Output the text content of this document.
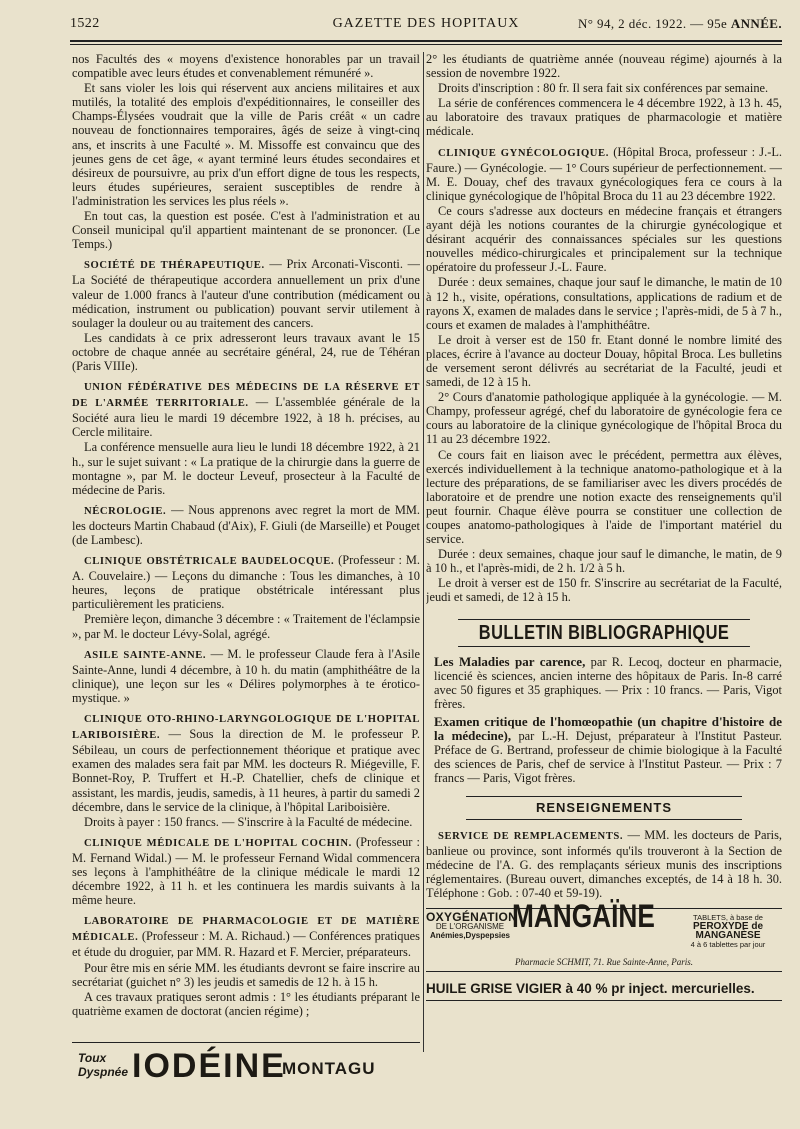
1522	GAZETTE DES HOPITAUX	N° 94, 2 déc. 1922. — 95e ANNÉE.

nos Facultés des « moyens d'existence honorables par un travail compatible avec leurs études et convenablement rémunéré ».

Et sans violer les lois qui réservent aux anciens militaires et aux mutilés, la totalité des emplois d'expéditionnaires, le conseiller des Champs-Élysées voudrait que la ville de Paris créât « un cadre nouveau de fonctionnaires temporaires, âgés de seize à vingt-cinq ans, et inscrits à une Faculté ». M. Missoffe est convaincu que des jeunes gens de cet âge, « ayant terminé leurs études secondaires et désireux de poursuivre, au prix d'un effort digne de tous les respects, leurs études supérieures, seraient susceptibles de rendre à l'administration les services les plus réels ».

En tout cas, la question est posée. C'est à l'administration et au Conseil municipal qu'il appartient maintenant de se prononcer. (Le Temps.)

SOCIÉTÉ DE THÉRAPEUTIQUE. — Prix Arconati-Visconti. — La Société de thérapeutique accordera annuellement un prix d'une valeur de 1.000 francs à l'auteur d'une contribution (médicament ou médication, instrument ou publication) pouvant servir utilement à soulager la douleur ou au traitement des cancers.

Les candidats à ce prix adresseront leurs travaux avant le 15 octobre de chaque année au secrétaire général, 24, rue de Téhéran (Paris VIIIe).

UNION FÉDÉRATIVE DES MÉDECINS DE LA RÉSERVE ET DE L'ARMÉE TERRITORIALE. — L'assemblée générale de la Société aura lieu le mardi 19 décembre 1922, à 18 h. précises, au Cercle militaire.

La conférence mensuelle aura lieu le lundi 18 décembre 1922, à 21 h., sur le sujet suivant : « La pratique de la chirurgie dans la guerre de montagne », par M. le docteur Leveuf, prosecteur à la Faculté de médecine de Paris.

NÉCROLOGIE. — Nous apprenons avec regret la mort de MM. les docteurs Martin Chabaud (d'Aix), F. Giuli (de Marseille) et Pouget (de Lambesc).

CLINIQUE OBSTÉTRICALE BAUDELOCQUE. (Professeur : M. A. Couvelaire.) — Leçons du dimanche : Tous les dimanches, à 10 heures, leçons de pratique obstétricale intéressant plus particulièrement les praticiens.

Première leçon, dimanche 3 décembre : « Traitement de l'éclampsie », par M. le docteur Lévy-Solal, agrégé.

ASILE SAINTE-ANNE. — M. le professeur Claude fera à l'Asile Sainte-Anne, lundi 4 décembre, à 10 h. du matin (amphithéâtre de la clinique), une leçon sur les « Délires polymorphes à te érotico-mystique. »

CLINIQUE OTO-RHINO-LARYNGOLOGIQUE DE L'HOPITAL LARIBOISIÈRE. — Sous la direction de M. le professeur P. Sébileau, un cours de perfectionnement théorique et pratique avec examen des malades sera fait par MM. les docteurs R. Miégeville, F. Bonnet-Roy, P. Truffert et H.-P. Chatellier, chefs de clinique et assistant, les mardis, jeudis, samedis, à 11 heures, à partir du samedi 2 décembre, dans le service de la clinique, à l'hôpital Lariboisière.

Droits à payer : 150 francs. — S'inscrire à la Faculté de médecine.

CLINIQUE MÉDICALE DE L'HOPITAL COCHIN. (Professeur : M. Fernand Widal.) — M. le professeur Fernand Widal commencera ses leçons à l'amphithéâtre de la clinique médicale le mardi 12 décembre 1922, à 11 h. et les continuera les mardis suivants à la même heure.

LABORATOIRE DE PHARMACOLOGIE ET DE MATIÈRE MÉDICALE. (Professeur : M. A. Richaud.) — Conférences pratiques et étude du droguier, par MM. R. Hazard et F. Mercier, préparateurs.

Pour être mis en série MM. les étudiants devront se faire inscrire au secrétariat (guichet n° 3) les jeudis et samedis de 12 h. à 15 h.

A ces travaux pratiques seront admis : 1° les étudiants préparant le quatrième examen de doctorat (ancien régime) ;

Toux
Dyspnée IODÉINE
MONTAGU

2° les étudiants de quatrième année (nouveau régime) ajournés à la session de novembre 1922.

Droits d'inscription : 80 fr. Il sera fait six conférences par semaine.

La série de conférences commencera le 4 décembre 1922, à 13 h. 45, au laboratoire des travaux pratiques de pharmacologie et matière médicale.

CLINIQUE GYNÉCOLOGIQUE. (Hôpital Broca, professeur : J.-L. Faure.) — Gynécologie. — 1° Cours supérieur de perfectionnement. — M. E. Douay, chef des travaux gynécologiques fera ce cours à la clinique gynécologique de l'hôpital Broca du 11 au 23 décembre 1922.

Ce cours s'adresse aux docteurs en médecine français et étrangers ayant déjà les notions courantes de la chirurgie gynécologique et désirant acquérir des connaissances spéciales sur les questions nouvelles médico-chirurgicales et principalement sur la technique opératoire du professeur J.-L. Faure.

Durée : deux semaines, chaque jour sauf le dimanche, le matin de 10 à 12 h., visite, opérations, consultations, applications de radium et de rayons X, examen de malades dans le service ; l'après-midi, de 5 à 7 h., cours et examen de malades à l'amphithéâtre.

Le droit à verser est de 150 fr. Etant donné le nombre limité des places, écrire à l'avance au docteur Douay, hôpital Broca. Les bulletins de versement seront délivrés au secrétariat de la Faculté, jeudi et samedi, de 12 à 15 h.

2° Cours d'anatomie pathologique appliquée à la gynécologie. — M. Champy, professeur agrégé, chef du laboratoire de gynécologie fera ce cours au laboratoire de la clinique gynécologique de l'hôpital Broca du 11 au 23 décembre 1922.

Ce cours fait en liaison avec le précédent, permettra aux élèves, exercés individuellement à la technique anatomo-pathologique et à la lecture des préparations, de se familiariser avec les divers procédés de laboratoire et de prendre une notion exacte des renseignements qu'il peut fournir. Chaque élève pourra se constituer une collection de coupes anatomo-pathologiques à l'aide de l'important matériel du service.

Durée : deux semaines, chaque jour sauf le dimanche, le matin, de 9 à 10 h., et l'après-midi, de 2 h. 1/2 à 5 h.

Le droit à verser est de 150 fr. S'inscrire au secrétariat de la Faculté, jeudi et samedi, de 12 à 15 h.

BULLETIN BIBLIOGRAPHIQUE

Les Maladies par carence, par R. Lecoq, docteur en pharmacie, licencié ès sciences, ancien interne des hôpitaux de Paris. In-8 carré avec 50 figures et 35 graphiques. — Prix : 10 francs. — Paris, Vigot frères.

Examen critique de l'homœopathie (un chapitre d'histoire de la médecine), par L.-H. Dejust, préparateur à l'Institut Pasteur. Préface de G. Bertrand, professeur de chimie biologique à la Faculté des sciences de Paris, chef de service à l'Institut Pasteur. — Prix : 7 francs — Paris, Vigot frères.

RENSEIGNEMENTS

SERVICE DE REMPLACEMENTS. — MM. les docteurs de Paris, banlieue ou province, sont informés qu'ils trouveront à la Section de médecine de l'A. G. des remplaçants sérieux munis des inscriptions réglementaires. (Bureau ouvert, dimanches exceptés, de 14 à 18 h. 30. Téléphone : Gob. : 07-40 et 59-19).

OXYGÉNATION
DE L'ORGANISME
Anémies,Dyspepsies
MANGAÏNE	TABLETS, à base de
PEROXYDE de MANGANÈSE
4 à 6 tablettes par jour
Pharmacie SCHMIT, 71. Rue Sainte-Anne, Paris.
HUILE GRISE VIGIER à 40 % pr inject. mercurielles.
